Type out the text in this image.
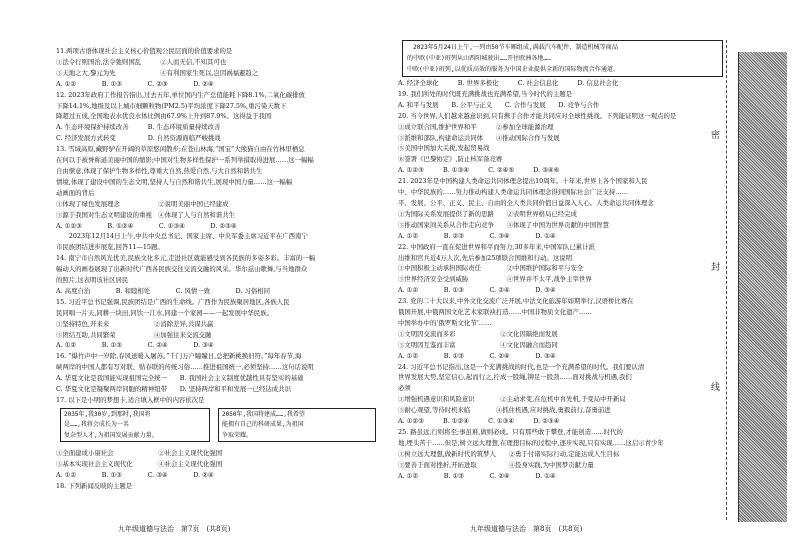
密
封
线
11.两项古语体现社会主义核心价值观公民层面的价值要求的是
①法令行则国治,法令弛则国乱　　　②人而无信,不知其可也
③天地之大,黎元为先　　　　　　　④有利国家生死以,岂因祸福避趋之
A. ①②　　　　B. ①③　　　　C. ②③　　　　D. ②④
12. 2023年政府工作报告指出,过去五年,单位国内生产总值能耗下降8.1%,二氧化碳排放
下降14.1%,地级及以上城市细颗粒物(PM2.5)平均浓度下降27.5%,重污染天数下
降超过五成,全国地表水优良水体比例由67.9%上升到87.9%。这得益于我国
A. 生态环境保护持续改善　　　B. 生态环境质量持续改善
C. 经济发展方式转变　　　　　D. 自然资源面临严峻挑战
13. 雪域高原,藏野驴在开阔的草原悠闲散步;在苍山林海,“国宝”大熊猫自由在竹林里栖息
在何以于被誉称道美丽中国的缩影;中国对生物多样性保护一系列举措取得进展……这一幅幅
自由惬意,体现了保护生物多样性,尊重大自然,热爱自然,与大自然和谐共生
情境,体现了建设中国的生态文明,坚持人与自然和谐共生,展现中国力量……这一幅幅
动画面的背后
①体现了绿色发展理念　　　　　　②说明美丽中国已经建成
③源于我国对生态文明建设的重视　④体现了人与自然和谐共生
A. ①②③　　　　B. ①②④　　　　C. ①③④　　　　D. ②③④
　　2023年12月14日上午,中共中央总书记、国家主席、中央军委主席习近平在广西南宁
市民族团结进步展览,回答11—15题。
14. 南宁市自然风光优美,民族文化多元,走进社区就能感受到各民族的多姿多彩。丰富的一幅
幅动人的画卷展现了出新时代广西各民族交往交流交融的风采。华尔兹山歌舞,与当地群众
的照片,这表明该社区居民
A. 高度自治　　　　B. 和睦相处　　　　C. 风情一致　　　　D. 习俗相同
15. 习近平总书记强调,民族团结是广西的生命线。广西作为民族聚居地区,各族人民
民同唱一片天,同耕一块田,同饮一江水,同建一个家园——一起发展中华民族。
①坚持特色,开来来　　　　　　　②消除差异,共谋共赢
③团结互助,共同繁荣　　　　　　④加强往来交流交融
A. ①②　　　　B. ①③　　　　C. ②④　　　　D. ③④
16. “爆竹声中一岁除,春风送暖入屠苏。”千门万户瞳瞳日,总把新桃换旧符。”每年春节,海
峡两岸的中国人都有写对联、贴春联的传统习俗……推进祖国统一,必须坚持……这句话说明
A. 华夏文化是我国能实现祖国完全统一　　B. 我国社会主义制度优越性具有坚实的基础
C. 华夏文化是凝聚两岸同胞的精神纽带　　D. 坚持两岸和平和发展一已经达成共识
17. 以下是小明的梦想卡,适合填入框中的内容依次是
2035年,我30岁,到那时,我国将
是……,我将会成长为一名
复杂型人才,为祖国发展贡献力量。
2050年,我国将建成……,我希望
能拥有自己的科研成果,为祖国
争取荣耀。
①全面建成小康社会　　　　　　　②社会主义现代化强国
③基本实现社会主义现代化　　　　④社会主义现代化强国
A. ①②　　　　B. ①③　　　　C. ③④　　　　D. ②④
18. 下列新闻反映的主题是
　2023年5月24日上午,一列由50节车厢组成,满载汽车配件、制造机械等商品
的中欧(中亚)班列从山西阳城驶出……开往欧洲各地……
中欧(中亚)班列,以优质高效的服务为中国企业提供全新的国际物流合作通道。
A. 经济全球化　　　B. 世界多极化　　　C. 社会信息化　　　D. 信息社会化
19. 我们所处的时代既充满挑战也充满希望,当今时代的主题是
A. 和平与发展　　B. 公平与正义　　C. 合作与发展　　D. 竞争与合作
20. 当今世界,人们越来越意识到,只有携手合作才能共同应对全球性挑战。下列能证明这一观点的是
①成立联合国,维护世界和平　　　②参加全球能源治理
③派维和部队,构建命运共同体　　④推动国际合作与发展
⑤美国中国加大关税,发起贸易战
⑥签署《巴黎协定》,防止核军备竞赛
A. ①②③　　　B. ①③④　　　C. ②④⑤　　　D. ③④⑥
21. 2023年是中国构建人类命运共同体理念提出10周年。十年来,世界上各个国家和人民
中、中华民族的……努力推动构建人类命运共同体理念得到国际社会广泛支持……
平、发展、公平、正义、民主、自由的全人类共同价值日益深入人心。人类命运共同体理念
①为国际关系发展提供了新的思路　　②表明世界格局已经完成
③推动国家间关系从合作走向竞争　　④体现了中国为世界贡献的中国智慧
A. ①②　　　　B. ②③　　　　C. ③④　　　　D. ①④
22. 中国政府一直在促进世界和平而努力,30多年来,中国军队已累计派
出维和官兵近4万人次,先后参加25项联合国维和行动。这说明
①中国积极主动承担国际责任　　　　②中国维护国际和平与安全
③世界经济安全受到威胁　　　　　　④世界并不太平,战争主宰世界
A. ①②　　　　B. ①③　　　　C. ②④　　　　D. ③④
23. 党的二十大以来,中外文化交流广泛开展,中法文化旅游年如期举行,汉语桥比赛在
俄国开展,中俄两国文化艺术家联袂打造……中国非物质文化遗产……
中国举办中的‘俄罗斯文化节’……
①文明因交流而多彩　　　　　　　②文化因隔绝而发展
③文明因互鉴而丰富　　　　　　　④文化因融合而趋同
A. ①②　　　　B. ①③　　　　C. ②④　　　　D. ③④
24. 习近平总书记指出,这是一个充满挑战的时代,也是一个充满希望的时代。我们要认清
世界发展大势,坚定信心,起而行之,拧成一股绳,铆足一股劲……面对挑战与机遇,我们
必须
①增强机遇意识和风险意识　　　　②主动求变,在危机中育先机,于变局中开新局
③耐心观望,等待时机来临　　　　④抓住机遇,应对挑战,勇毅前行,奋勇前进
A. ①②③　　　B. ①②④　　　C. ①③④　　　D. ②③④
25. 路虽远,行则将至;事虽难,做则必成。只有那些敢于攀登,才能创造……时代的
地,埋头苦干……但是,树立远大理想,在理想目标的过程中,逐步实现,只有实现……这启示青少年
①树立远大理想,做新时代的筑梦人　　②勇于付诸实际行动,定能达成人生目标
③要善于面对挫折,开拓进取　　　　　④投身实践,为中国梦贡献力量
A. ①②　　　　B. ①③　　　　C. ②④　　　　D. ①④
九年级道德与法治　第7页　(共8页)	九年级道德与法治　第8页　(共8页)
